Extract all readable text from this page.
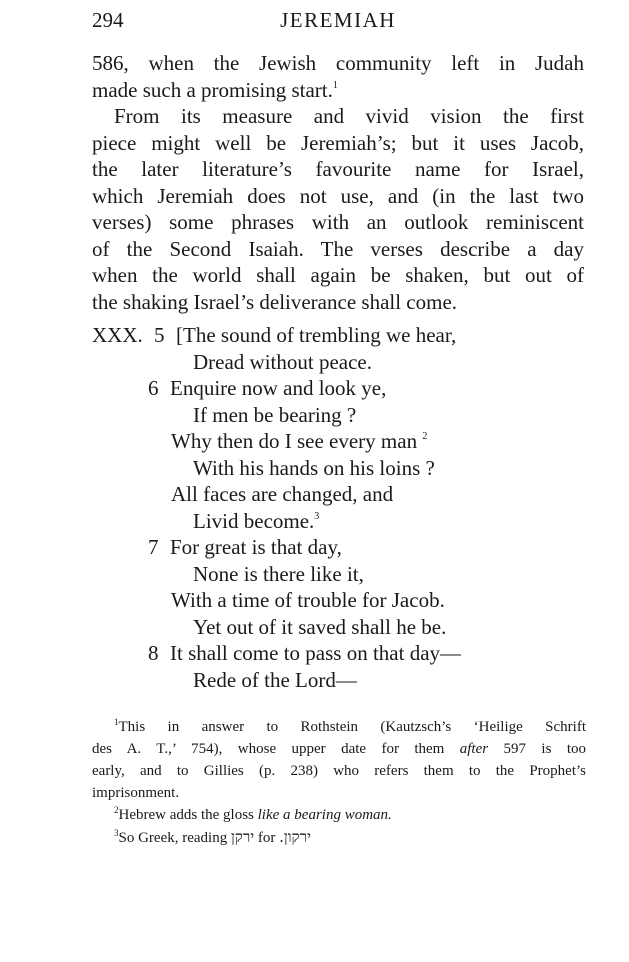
294	JEREMIAH
586, when the Jewish community left in Judah
made such a promising start.$^1$
From its measure and vivid vision the first
piece might well be Jeremiah’s; but it uses Jacob,
the later literature’s favourite name for Israel,
which Jeremiah does not use, and (in the last two
verses) some phrases with an outlook reminiscent
of the Second Isaiah. The verses describe a day
when the world shall again be shaken, but out of
the shaking Israel’s deliverance shall come.
XXX. 5 [The sound of trembling we hear,
Dread without peace.
6 Enquire now and look ye,
If men be bearing ?
Why then do I see every man $^2$
With his hands on his loins ?
All faces are changed, and
Livid become.$^3$
7 For great is that day,
None is there like it,
With a time of trouble for Jacob.
Yet out of it saved shall he be.
8 It shall come to pass on that day—
Rede of the Lord—
$^1$This in answer to Rothstein (Kautzsch’s ‘Heilige Schrift
des A. T.,’ 754), whose upper date for them after 597 is too
early, and to Gillies (p. 238) who refers them to the Prophet’s
imprisonment.
$^2$Hebrew adds the gloss like a bearing woman.
$^3$So Greek, reading ירקן for ירקון.
